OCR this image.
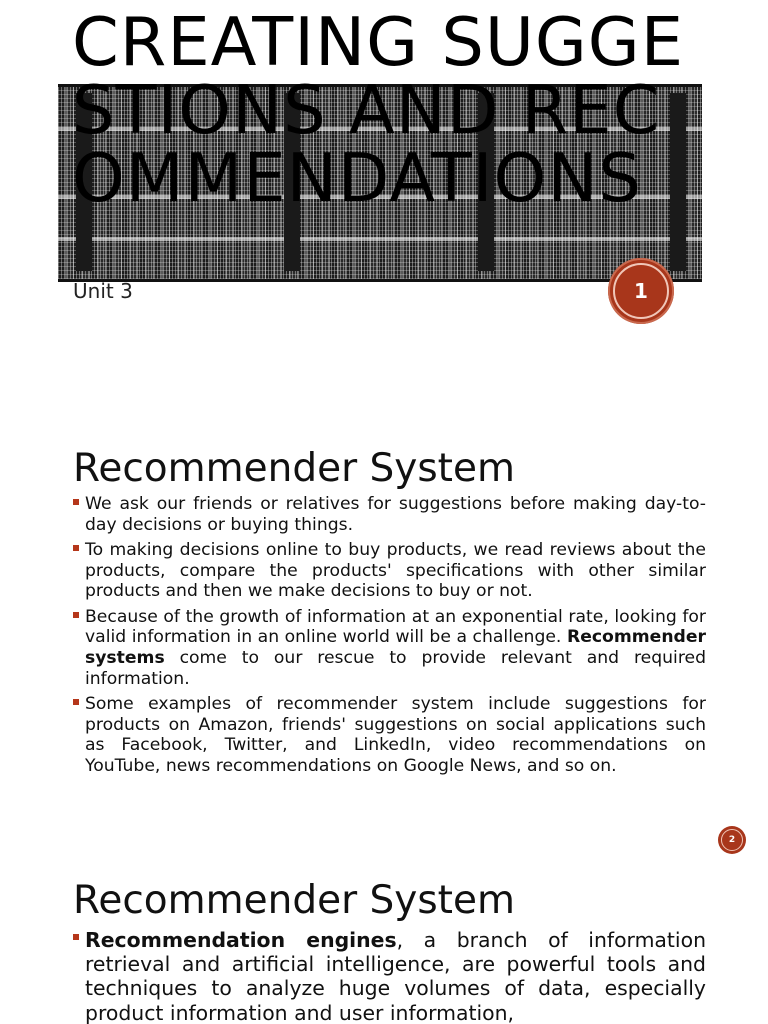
CREATING SUGGESTIONS AND RECOMMENDATIONS

Unit 3	1
Recommender System
We ask our friends or relatives for suggestions before making day-to-day decisions or buying things.
To making decisions online to buy products, we read reviews about the products, compare the products' specifications with other similar products and then we make decisions to buy or not.
Because of the growth of information at an exponential rate, looking for valid information in an online world will be a challenge. Recommender systems come to our rescue to provide relevant and required information.
Some examples of recommender system include suggestions for products on Amazon, friends' suggestions on social applications such as Facebook, Twitter, and LinkedIn, video recommendations on YouTube, news recommendations on Google News, and so on.
2
Recommender System
Recommendation engines, a branch of information retrieval and artificial intelligence, are powerful tools and techniques to analyze huge volumes of data, especially product information and user information,
